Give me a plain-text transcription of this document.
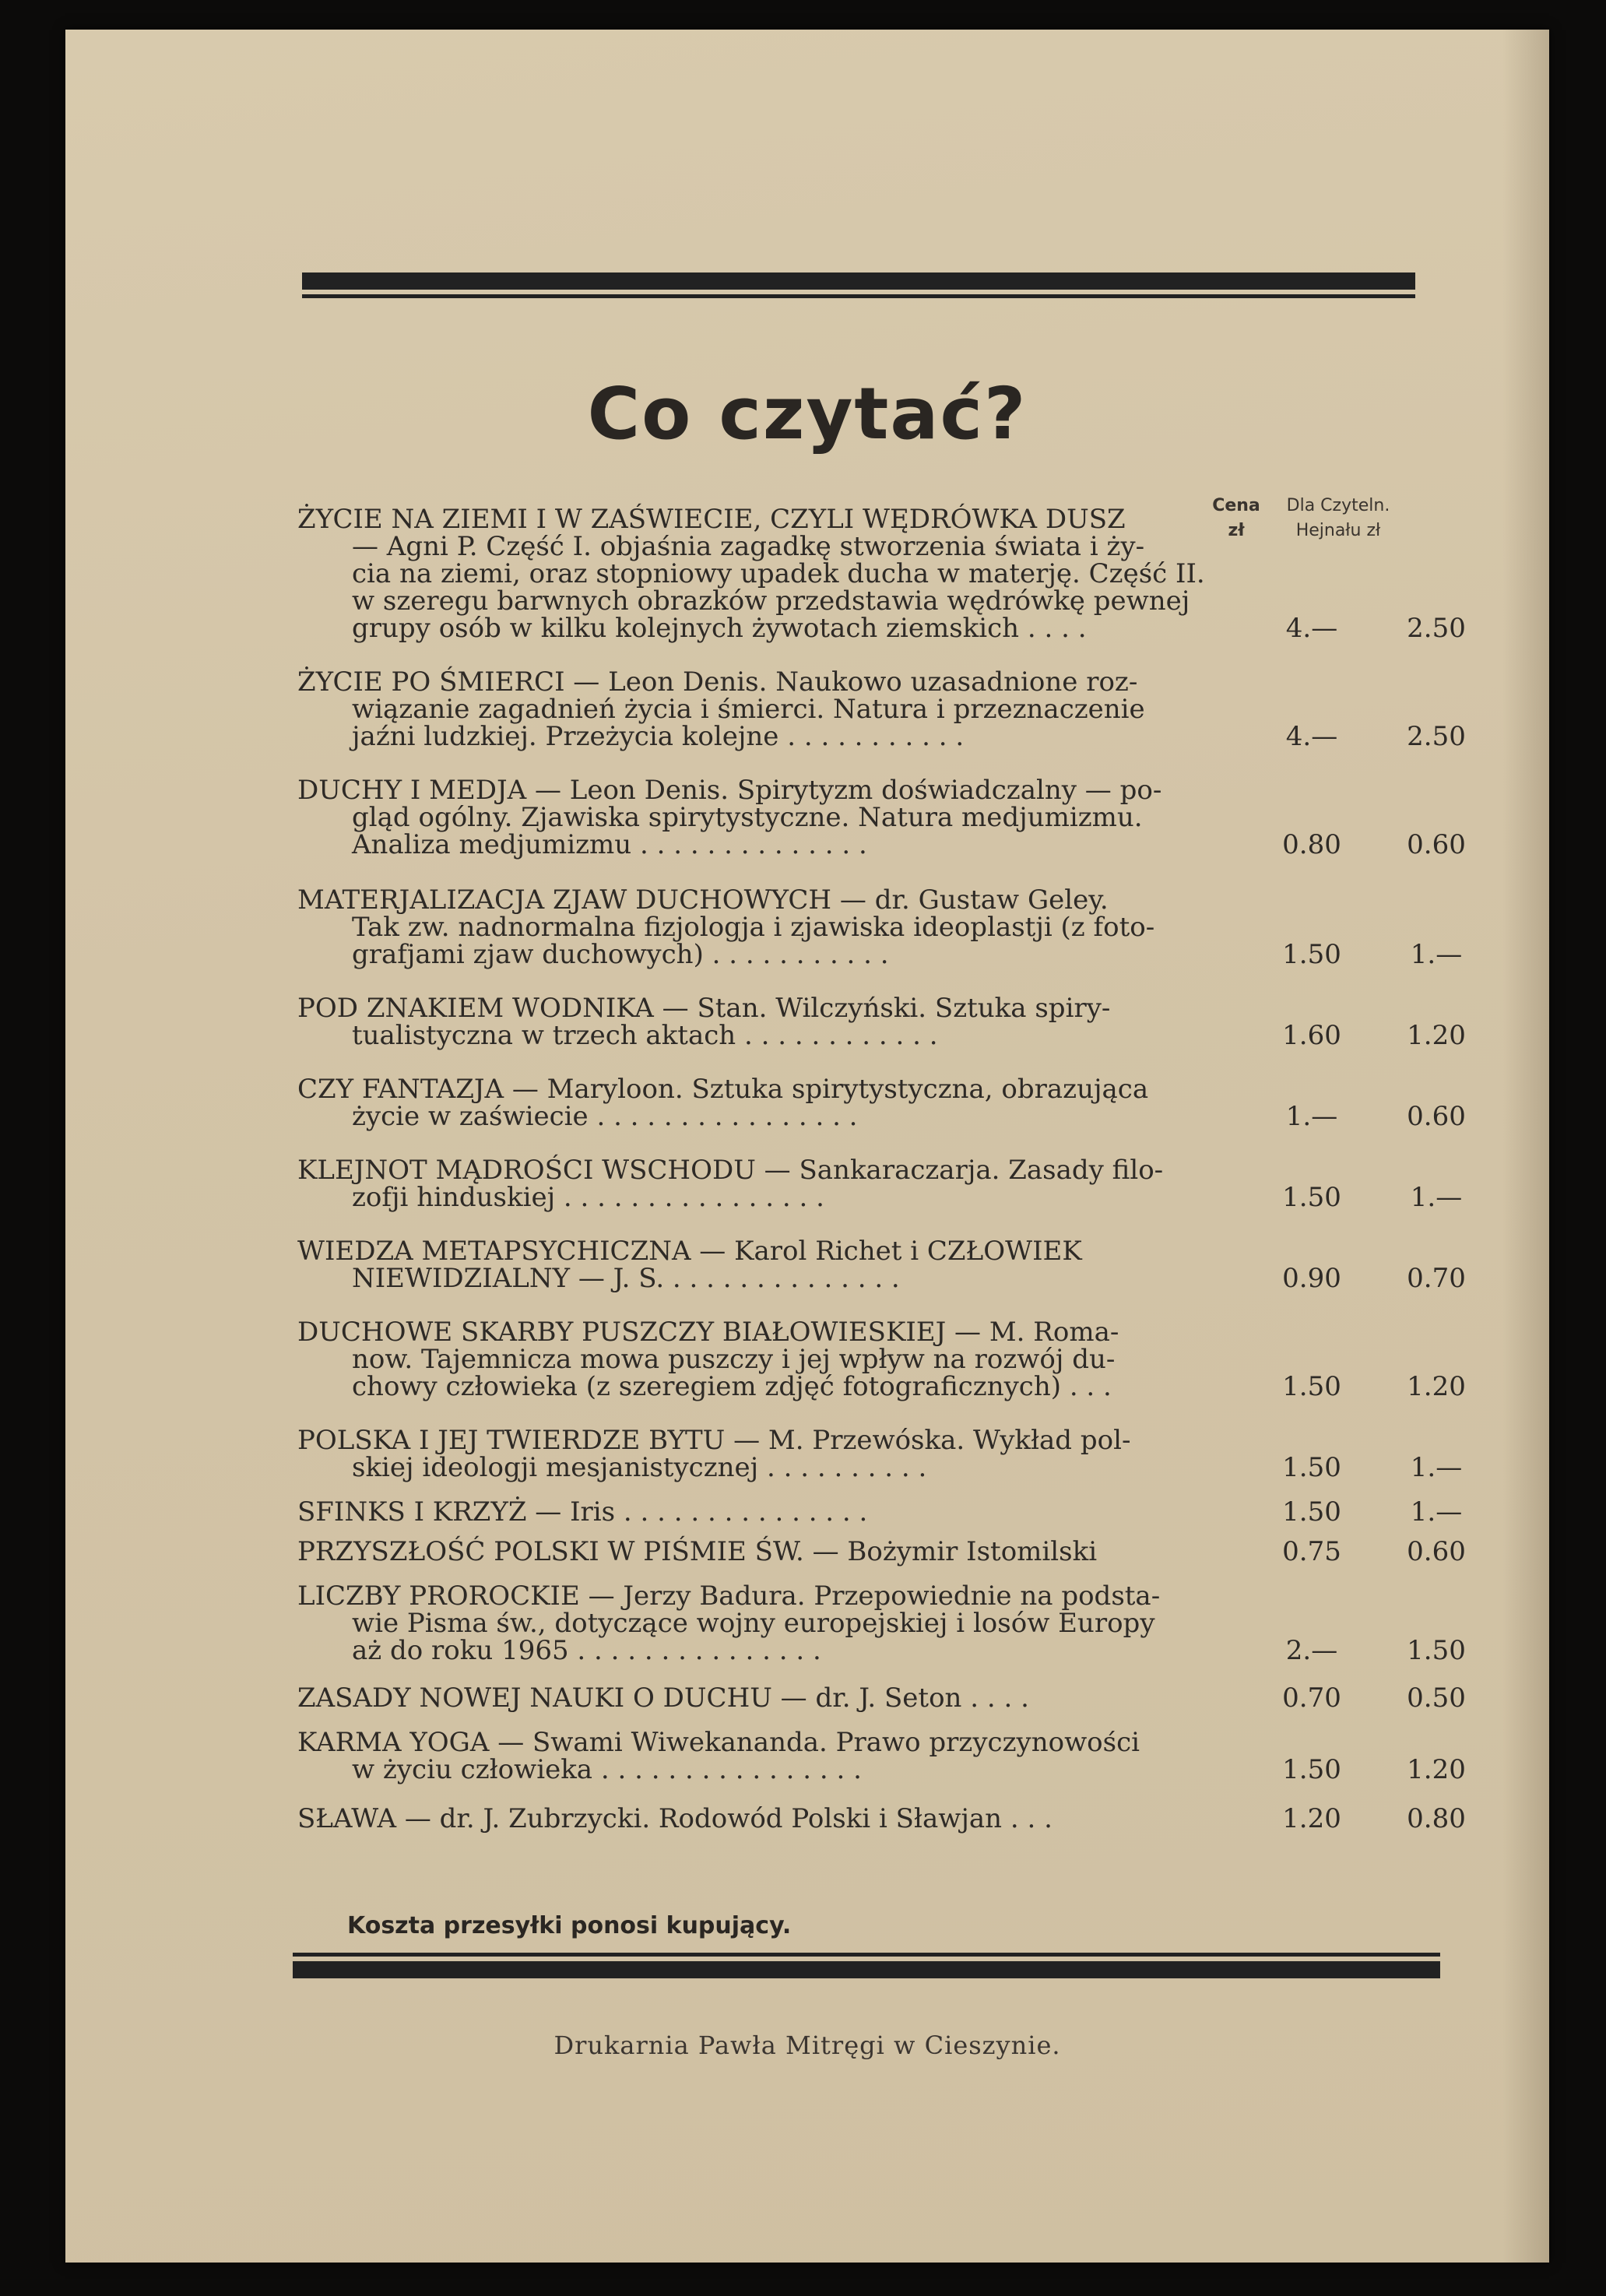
Co czytać?
Cena zł
Dla Czyteln. Hejnału zł
ŻYCIE NA ZIEMI I W ZAŚWIECIE, CZYLI WĘDRÓWKA DUSZ
— Agni P. Część I. objaśnia zagadkę stworzenia świata i ży-
cia na ziemi, oraz stopniowy upadek ducha w materję. Część II.
w szeregu barwnych obrazków przedstawia wędrówkę pewnej
grupy osób w kilku kolejnych żywotach ziemskich . . . .	4.—	2.50
ŻYCIE PO ŚMIERCI — Leon Denis. Naukowo uzasadnione roz-
wiązanie zagadnień życia i śmierci. Natura i przeznaczenie
jaźni ludzkiej. Przeżycia kolejne . . . . . . . . . . .	4.—	2.50
DUCHY I MEDJA — Leon Denis. Spirytyzm doświadczalny — po-
gląd ogólny. Zjawiska spirytystyczne. Natura medjumizmu.
Analiza medjumizmu . . . . . . . . . . . . . .	0.80	0.60
MATERJALIZACJA ZJAW DUCHOWYCH — dr. Gustaw Geley.
Tak zw. nadnormalna fizjologja i zjawiska ideoplastji (z foto-
grafjami zjaw duchowych) . . . . . . . . . . .	1.50	1.—
POD ZNAKIEM WODNIKA — Stan. Wilczyński. Sztuka spiry-
tualistyczna w trzech aktach . . . . . . . . . . . .	1.60	1.20
CZY FANTAZJA — Maryloon. Sztuka spirytystyczna, obrazująca
życie w zaświecie . . . . . . . . . . . . . . . .	1.—	0.60
KLEJNOT MĄDROŚCI WSCHODU — Sankaraczarja. Zasady filo-
zofji hinduskiej . . . . . . . . . . . . . . . .	1.50	1.—
WIEDZA METAPSYCHICZNA — Karol Richet i CZŁOWIEK
NIEWIDZIALNY — J. S. . . . . . . . . . . . . . .	0.90	0.70
DUCHOWE SKARBY PUSZCZY BIAŁOWIESKIEJ — M. Roma-
now. Tajemnicza mowa puszczy i jej wpływ na rozwój du-
chowy człowieka (z szeregiem zdjęć fotograficznych) . . .	1.50	1.20
POLSKA I JEJ TWIERDZE BYTU — M. Przewóska. Wykład pol-
skiej ideologji mesjanistycznej . . . . . . . . . .	1.50	1.—
SFINKS I KRZYŻ — Iris . . . . . . . . . . . . . . .	1.50	1.—
PRZYSZŁOŚĆ POLSKI W PIŚMIE ŚW. — Bożymir Istomilski	0.75	0.60
LICZBY PROROCKIE — Jerzy Badura. Przepowiednie na podsta-
wie Pisma św., dotyczące wojny europejskiej i losów Europy
aż do roku 1965 . . . . . . . . . . . . . . .	2.—	1.50
ZASADY NOWEJ NAUKI O DUCHU — dr. J. Seton . . . .	0.70	0.50
KARMA YOGA — Swami Wiwekananda. Prawo przyczynowości
w życiu człowieka . . . . . . . . . . . . . . . .	1.50	1.20
SŁAWA — dr. J. Zubrzycki. Rodowód Polski i Sławjan . . .	1.20	0.80
Koszta przesyłki ponosi kupujący.
Drukarnia Pawła Mitręgi w Cieszynie.
